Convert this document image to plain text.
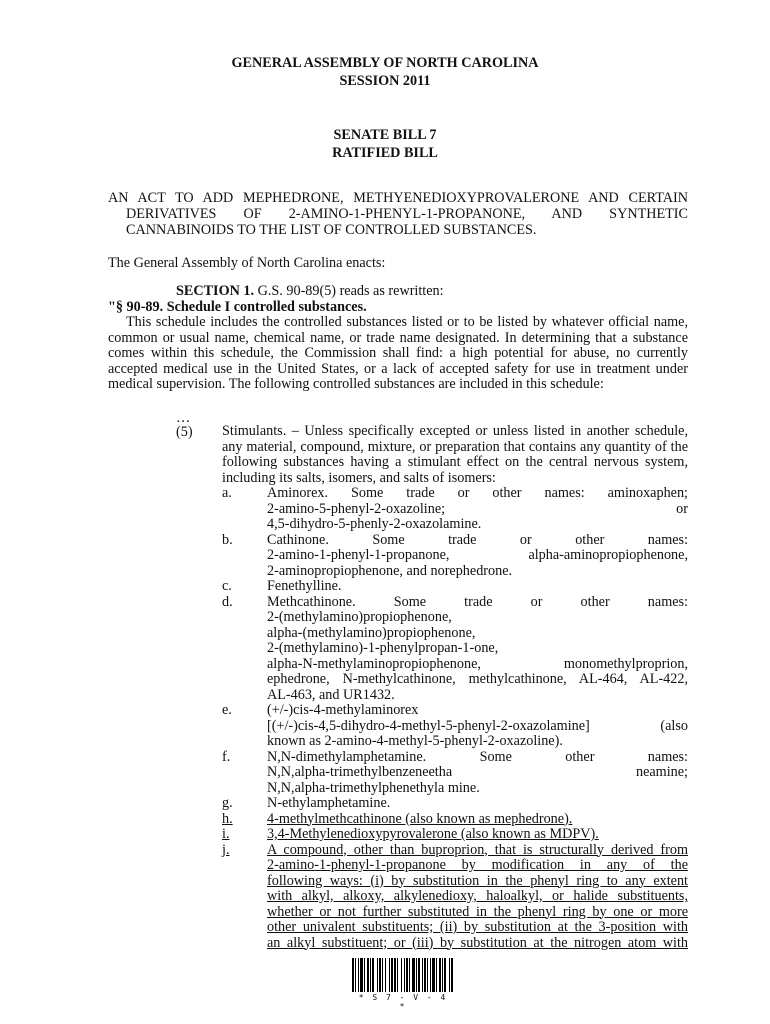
GENERAL ASSEMBLY OF NORTH CAROLINA
SESSION 2011
SENATE BILL 7
RATIFIED BILL
AN ACT TO ADD MEPHEDRONE, METHYENEDIOXYPROVALERONE AND CERTAIN
DERIVATIVES OF 2-AMINO-1-PHENYL-1-PROPANONE, AND SYNTHETIC
CANNABINOIDS TO THE LIST OF CONTROLLED SUBSTANCES.
The General Assembly of North Carolina enacts:
SECTION 1. G.S. 90-89(5) reads as rewritten:
"§ 90-89. Schedule I controlled substances.
This schedule includes the controlled substances listed or to be listed by whatever official name, common or usual name, chemical name, or trade name designated. In determining that a substance comes within this schedule, the Commission shall find: a high potential for abuse, no currently accepted medical use in the United States, or a lack of accepted safety for use in treatment under medical supervision. The following controlled substances are included in this schedule:
…
(5) Stimulants. – Unless specifically excepted or unless listed in another schedule, any material, compound, mixture, or preparation that contains any quantity of the following substances having a stimulant effect on the central nervous system, including its salts, isomers, and salts of isomers:
a.	Aminorex. Some trade or other names: aminoxaphen;
2-amino-5-phenyl-2-oxazoline; or
4,5-dihydro-5-phenly-2-oxazolamine.
b.	Cathinone. Some trade or other names:
2-amino-1-phenyl-1-propanone, alpha-aminopropiophenone,
2-aminopropiophenone, and norephedrone.
c.	Fenethylline.
d.	Methcathinone. Some trade or other names:
2-(methylamino)propiophenone,
alpha-(methylamino)propiophenone,
2-(methylamino)-1-phenylpropan-1-one,
alpha-N-methylaminopropiophenone, monomethylproprion,
ephedrone, N-methylcathinone, methylcathinone, AL-464, AL-422,
AL-463, and UR1432.
e.	(+/-)cis-4-methylaminorex
[(+/-)cis-4,5-dihydro-4-methyl-5-phenyl-2-oxazolamine] (also
known as 2-amino-4-methyl-5-phenyl-2-oxazoline).
f.	N,N-dimethylamphetamine. Some other names:
N,N,alpha-trimethylbenzeneetha neamine;
N,N,alpha-trimethylphenethyla mine.
g.	N-ethylamphetamine.
h.	4-methylmethcathinone (also known as mephedrone).
i.	3,4-Methylenedioxypyrovalerone (also known as MDPV).
j.	A compound, other than buproprion, that is structurally derived from
2-amino-1-phenyl-1-propanone by modification in any of the
following ways: (i) by substitution in the phenyl ring to any extent
with alkyl, alkoxy, alkylenedioxy, haloalkyl, or halide substituents,
whether or not further substituted in the phenyl ring by one or more
other univalent substituents; (ii) by substitution at the 3-position with
an alkyl substituent; or (iii) by substitution at the nitrogen atom with
* S 7 - V - 4 *
